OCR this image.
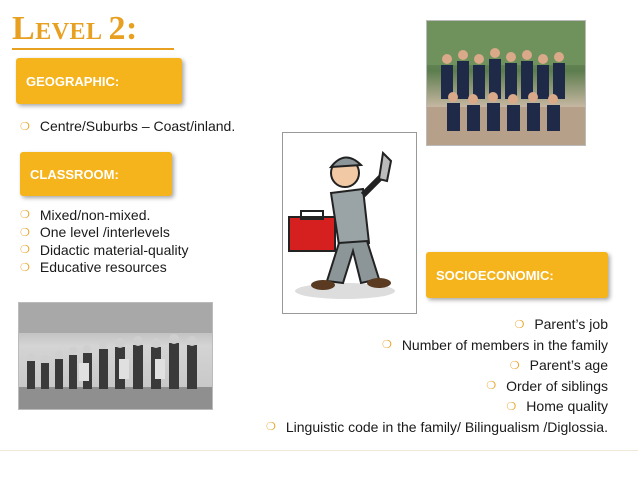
LEVEL 2:
GEOGRAPHIC:
❍ Centre/Suburbs – Coast/inland.
CLASSROOM:
❍ Mixed/non-mixed.
❍ One level /interlevels
❍ Didactic material-quality
❍ Educative resources	SOCIOECONOMIC:
❍ Parent’s job
❍ Number of members in the family
❍ Parent’s age
❍ Order of siblings
❍ Home quality
❍ Linguistic code in the family/ Bilingualism /Diglossia.
